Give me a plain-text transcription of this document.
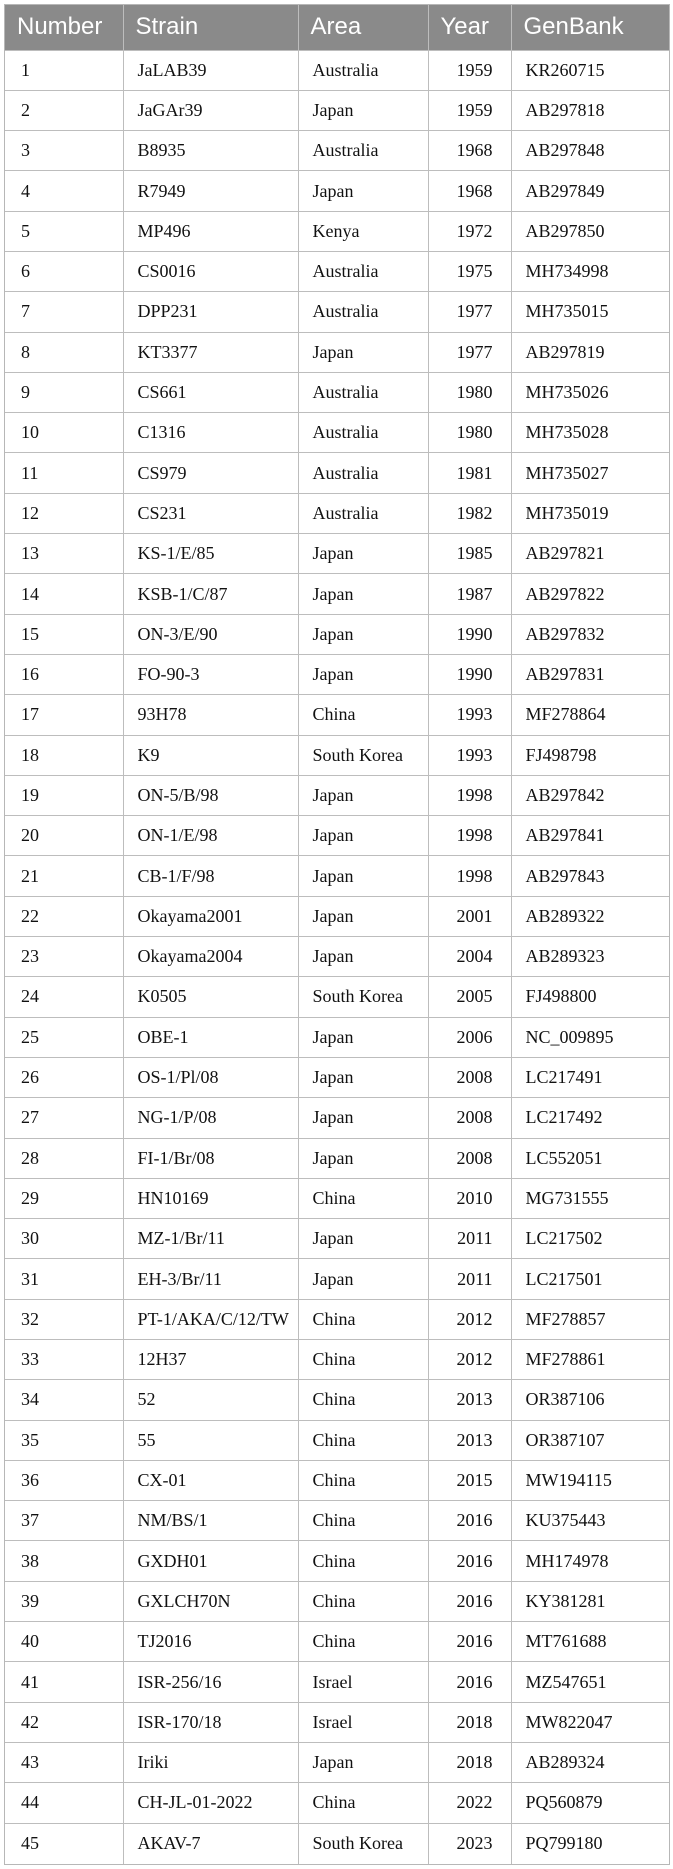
Number	Strain	Area	Year	GenBank
1	JaLAB39	Australia	1959	KR260715
2	JaGAr39	Japan	1959	AB297818
3	B8935	Australia	1968	AB297848
4	R7949	Japan	1968	AB297849
5	MP496	Kenya	1972	AB297850
6	CS0016	Australia	1975	MH734998
7	DPP231	Australia	1977	MH735015
8	KT3377	Japan	1977	AB297819
9	CS661	Australia	1980	MH735026
10	C1316	Australia	1980	MH735028
11	CS979	Australia	1981	MH735027
12	CS231	Australia	1982	MH735019
13	KS-1/E/85	Japan	1985	AB297821
14	KSB-1/C/87	Japan	1987	AB297822
15	ON-3/E/90	Japan	1990	AB297832
16	FO-90-3	Japan	1990	AB297831
17	93H78	China	1993	MF278864
18	K9	South Korea	1993	FJ498798
19	ON-5/B/98	Japan	1998	AB297842
20	ON-1/E/98	Japan	1998	AB297841
21	CB-1/F/98	Japan	1998	AB297843
22	Okayama2001	Japan	2001	AB289322
23	Okayama2004	Japan	2004	AB289323
24	K0505	South Korea	2005	FJ498800
25	OBE-1	Japan	2006	NC_009895
26	OS-1/Pl/08	Japan	2008	LC217491
27	NG-1/P/08	Japan	2008	LC217492
28	FI-1/Br/08	Japan	2008	LC552051
29	HN10169	China	2010	MG731555
30	MZ-1/Br/11	Japan	2011	LC217502
31	EH-3/Br/11	Japan	2011	LC217501
32	PT-1/AKA/C/12/TW	China	2012	MF278857
33	12H37	China	2012	MF278861
34	52	China	2013	OR387106
35	55	China	2013	OR387107
36	CX-01	China	2015	MW194115
37	NM/BS/1	China	2016	KU375443
38	GXDH01	China	2016	MH174978
39	GXLCH70N	China	2016	KY381281
40	TJ2016	China	2016	MT761688
41	ISR-256/16	Israel	2016	MZ547651
42	ISR-170/18	Israel	2018	MW822047
43	Iriki	Japan	2018	AB289324
44	CH-JL-01-2022	China	2022	PQ560879
45	AKAV-7	South Korea	2023	PQ799180
